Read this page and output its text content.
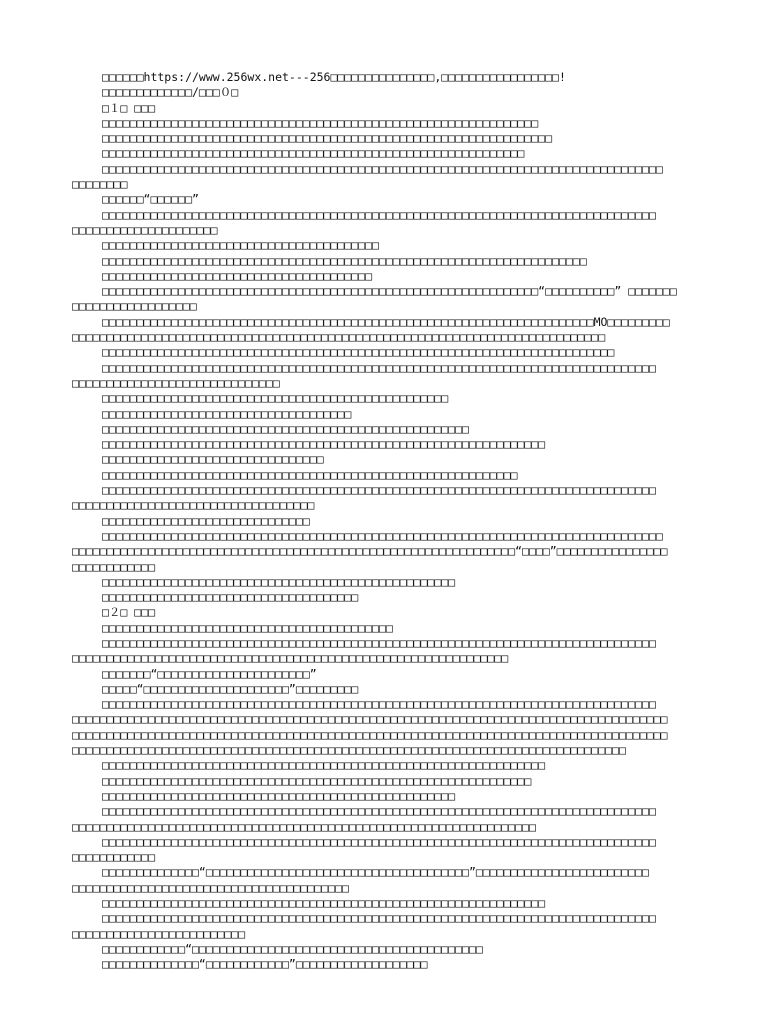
□□□□□□https://www.256wx.net---256□□□□□□□□□□□□□□□,□□□□□□□□□□□□□□□□□!
□□□□□□□□□□□□□/□□□０□
□１□ □□□
□□□□□□□□□□□□□□□□□□□□□□□□□□□□□□□□□□□□□□□□□□□□□□□□□□□□□□□□□□□□□□□
□□□□□□□□□□□□□□□□□□□□□□□□□□□□□□□□□□□□□□□□□□□□□□□□□□□□□□□□□□□□□□□□□
□□□□□□□□□□□□□□□□□□□□□□□□□□□□□□□□□□□□□□□□□□□□□□□□□□□□□□□□□□□□□
□□□□□□□□□□□□□□□□□□□□□□□□□□□□□□□□□□□□□□□□□□□□□□□□□□□□□□□□□□□□□□□□□□□□□□□□□□□□□□□□□
□□□□□□□□
□□□□□□“□□□□□□”
□□□□□□□□□□□□□□□□□□□□□□□□□□□□□□□□□□□□□□□□□□□□□□□□□□□□□□□□□□□□□□□□□□□□□□□□□□□□□□□□
□□□□□□□□□□□□□□□□□□□□□
□□□□□□□□□□□□□□□□□□□□□□□□□□□□□□□□□□□□□□□□
□□□□□□□□□□□□□□□□□□□□□□□□□□□□□□□□□□□□□□□□□□□□□□□□□□□□□□□□□□□□□□□□□□□□□□
□□□□□□□□□□□□□□□□□□□□□□□□□□□□□□□□□□□□□□□
□□□□□□□□□□□□□□□□□□□□□□□□□□□□□□□□□□□□□□□□□□□□□□□□□□□□□□□□□□□□□□□“□□□□□□□□□□” □□□□□□□
□□□□□□□□□□□□□□□□□□
□□□□□□□□□□□□□□□□□□□□□□□□□□□□□□□□□□□□□□□□□□□□□□□□□□□□□□□□□□□□□□□□□□□□□□□MO□□□□□□□□□
□□□□□□□□□□□□□□□□□□□□□□□□□□□□□□□□□□□□□□□□□□□□□□□□□□□□□□□□□□□□□□□□□□□□□□□□□□□□□
□□□□□□□□□□□□□□□□□□□□□□□□□□□□□□□□□□□□□□□□□□□□□□□□□□□□□□□□□□□□□□□□□□□□□□□□□□
□□□□□□□□□□□□□□□□□□□□□□□□□□□□□□□□□□□□□□□□□□□□□□□□□□□□□□□□□□□□□□□□□□□□□□□□□□□□□□□□
□□□□□□□□□□□□□□□□□□□□□□□□□□□□□□
□□□□□□□□□□□□□□□□□□□□□□□□□□□□□□□□□□□□□□□□□□□□□□□□□□
□□□□□□□□□□□□□□□□□□□□□□□□□□□□□□□□□□□□
□□□□□□□□□□□□□□□□□□□□□□□□□□□□□□□□□□□□□□□□□□□□□□□□□□□□□
□□□□□□□□□□□□□□□□□□□□□□□□□□□□□□□□□□□□□□□□□□□□□□□□□□□□□□□□□□□□□□□□
□□□□□□□□□□□□□□□□□□□□□□□□□□□□□□□□
□□□□□□□□□□□□□□□□□□□□□□□□□□□□□□□□□□□□□□□□□□□□□□□□□□□□□□□□□□□□
□□□□□□□□□□□□□□□□□□□□□□□□□□□□□□□□□□□□□□□□□□□□□□□□□□□□□□□□□□□□□□□□□□□□□□□□□□□□□□□□
□□□□□□□□□□□□□□□□□□□□□□□□□□□□□□□□□□□
□□□□□□□□□□□□□□□□□□□□□□□□□□□□□□
□□□□□□□□□□□□□□□□□□□□□□□□□□□□□□□□□□□□□□□□□□□□□□□□□□□□□□□□□□□□□□□□□□□□□□□□□□□□□□□□□
□□□□□□□□□□□□□□□□□□□□□□□□□□□□□□□□□□□□□□□□□□□□□□□□□□□□□□□□□□□□□□□□“□□□□”□□□□□□□□□□□□□□□□
□□□□□□□□□□□□
□□□□□□□□□□□□□□□□□□□□□□□□□□□□□□□□□□□□□□□□□□□□□□□□□□□
□□□□□□□□□□□□□□□□□□□□□□□□□□□□□□□□□□□□□
□２□ □□□
□□□□□□□□□□□□□□□□□□□□□□□□□□□□□□□□□□□□□□□□□□
□□□□□□□□□□□□□□□□□□□□□□□□□□□□□□□□□□□□□□□□□□□□□□□□□□□□□□□□□□□□□□□□□□□□□□□□□□□□□□□□
□□□□□□□□□□□□□□□□□□□□□□□□□□□□□□□□□□□□□□□□□□□□□□□□□□□□□□□□□□□□□□□
□□□□□□□“□□□□□□□□□□□□□□□□□□□□□□”
□□□□□“□□□□□□□□□□□□□□□□□□□□□”□□□□□□□□□
□□□□□□□□□□□□□□□□□□□□□□□□□□□□□□□□□□□□□□□□□□□□□□□□□□□□□□□□□□□□□□□□□□□□□□□□□□□□□□□□
□□□□□□□□□□□□□□□□□□□□□□□□□□□□□□□□□□□□□□□□□□□□□□□□□□□□□□□□□□□□□□□□□□□□□□□□□□□□□□□□□□□□□□
□□□□□□□□□□□□□□□□□□□□□□□□□□□□□□□□□□□□□□□□□□□□□□□□□□□□□□□□□□□□□□□□□□□□□□□□□□□□□□□□□□□□□□
□□□□□□□□□□□□□□□□□□□□□□□□□□□□□□□□□□□□□□□□□□□□□□□□□□□□□□□□□□□□□□□□□□□□□□□□□□□□□□□□
□□□□□□□□□□□□□□□□□□□□□□□□□□□□□□□□□□□□□□□□□□□□□□□□□□□□□□□□□□□□□□□□
□□□□□□□□□□□□□□□□□□□□□□□□□□□□□□□□□□□□□□□□□□□□□□□□□□□□□□□□□□□□□□
□□□□□□□□□□□□□□□□□□□□□□□□□□□□□□□□□□□□□□□□□□□□□□□□□□□
□□□□□□□□□□□□□□□□□□□□□□□□□□□□□□□□□□□□□□□□□□□□□□□□□□□□□□□□□□□□□□□□□□□□□□□□□□□□□□□□
□□□□□□□□□□□□□□□□□□□□□□□□□□□□□□□□□□□□□□□□□□□□□□□□□□□□□□□□□□□□□□□□□□□
□□□□□□□□□□□□□□□□□□□□□□□□□□□□□□□□□□□□□□□□□□□□□□□□□□□□□□□□□□□□□□□□□□□□□□□□□□□□□□□□
□□□□□□□□□□□□
□□□□□□□□□□□□□□“□□□□□□□□□□□□□□□□□□□□□□□□□□□□□□□□□□□□□□”□□□□□□□□□□□□□□□□□□□□□□□□□
□□□□□□□□□□□□□□□□□□□□□□□□□□□□□□□□□□□□□□□□
□□□□□□□□□□□□□□□□□□□□□□□□□□□□□□□□□□□□□□□□□□□□□□□□□□□□□□□□□□□□□□□□
□□□□□□□□□□□□□□□□□□□□□□□□□□□□□□□□□□□□□□□□□□□□□□□□□□□□□□□□□□□□□□□□□□□□□□□□□□□□□□□□
□□□□□□□□□□□□□□□□□□□□□□□□□
□□□□□□□□□□□□“□□□□□□□□□□□□□□□□□□□□□□□□□□□□□□□□□□□□□□□□□□
□□□□□□□□□□□□□□“□□□□□□□□□□□□”□□□□□□□□□□□□□□□□□□□
